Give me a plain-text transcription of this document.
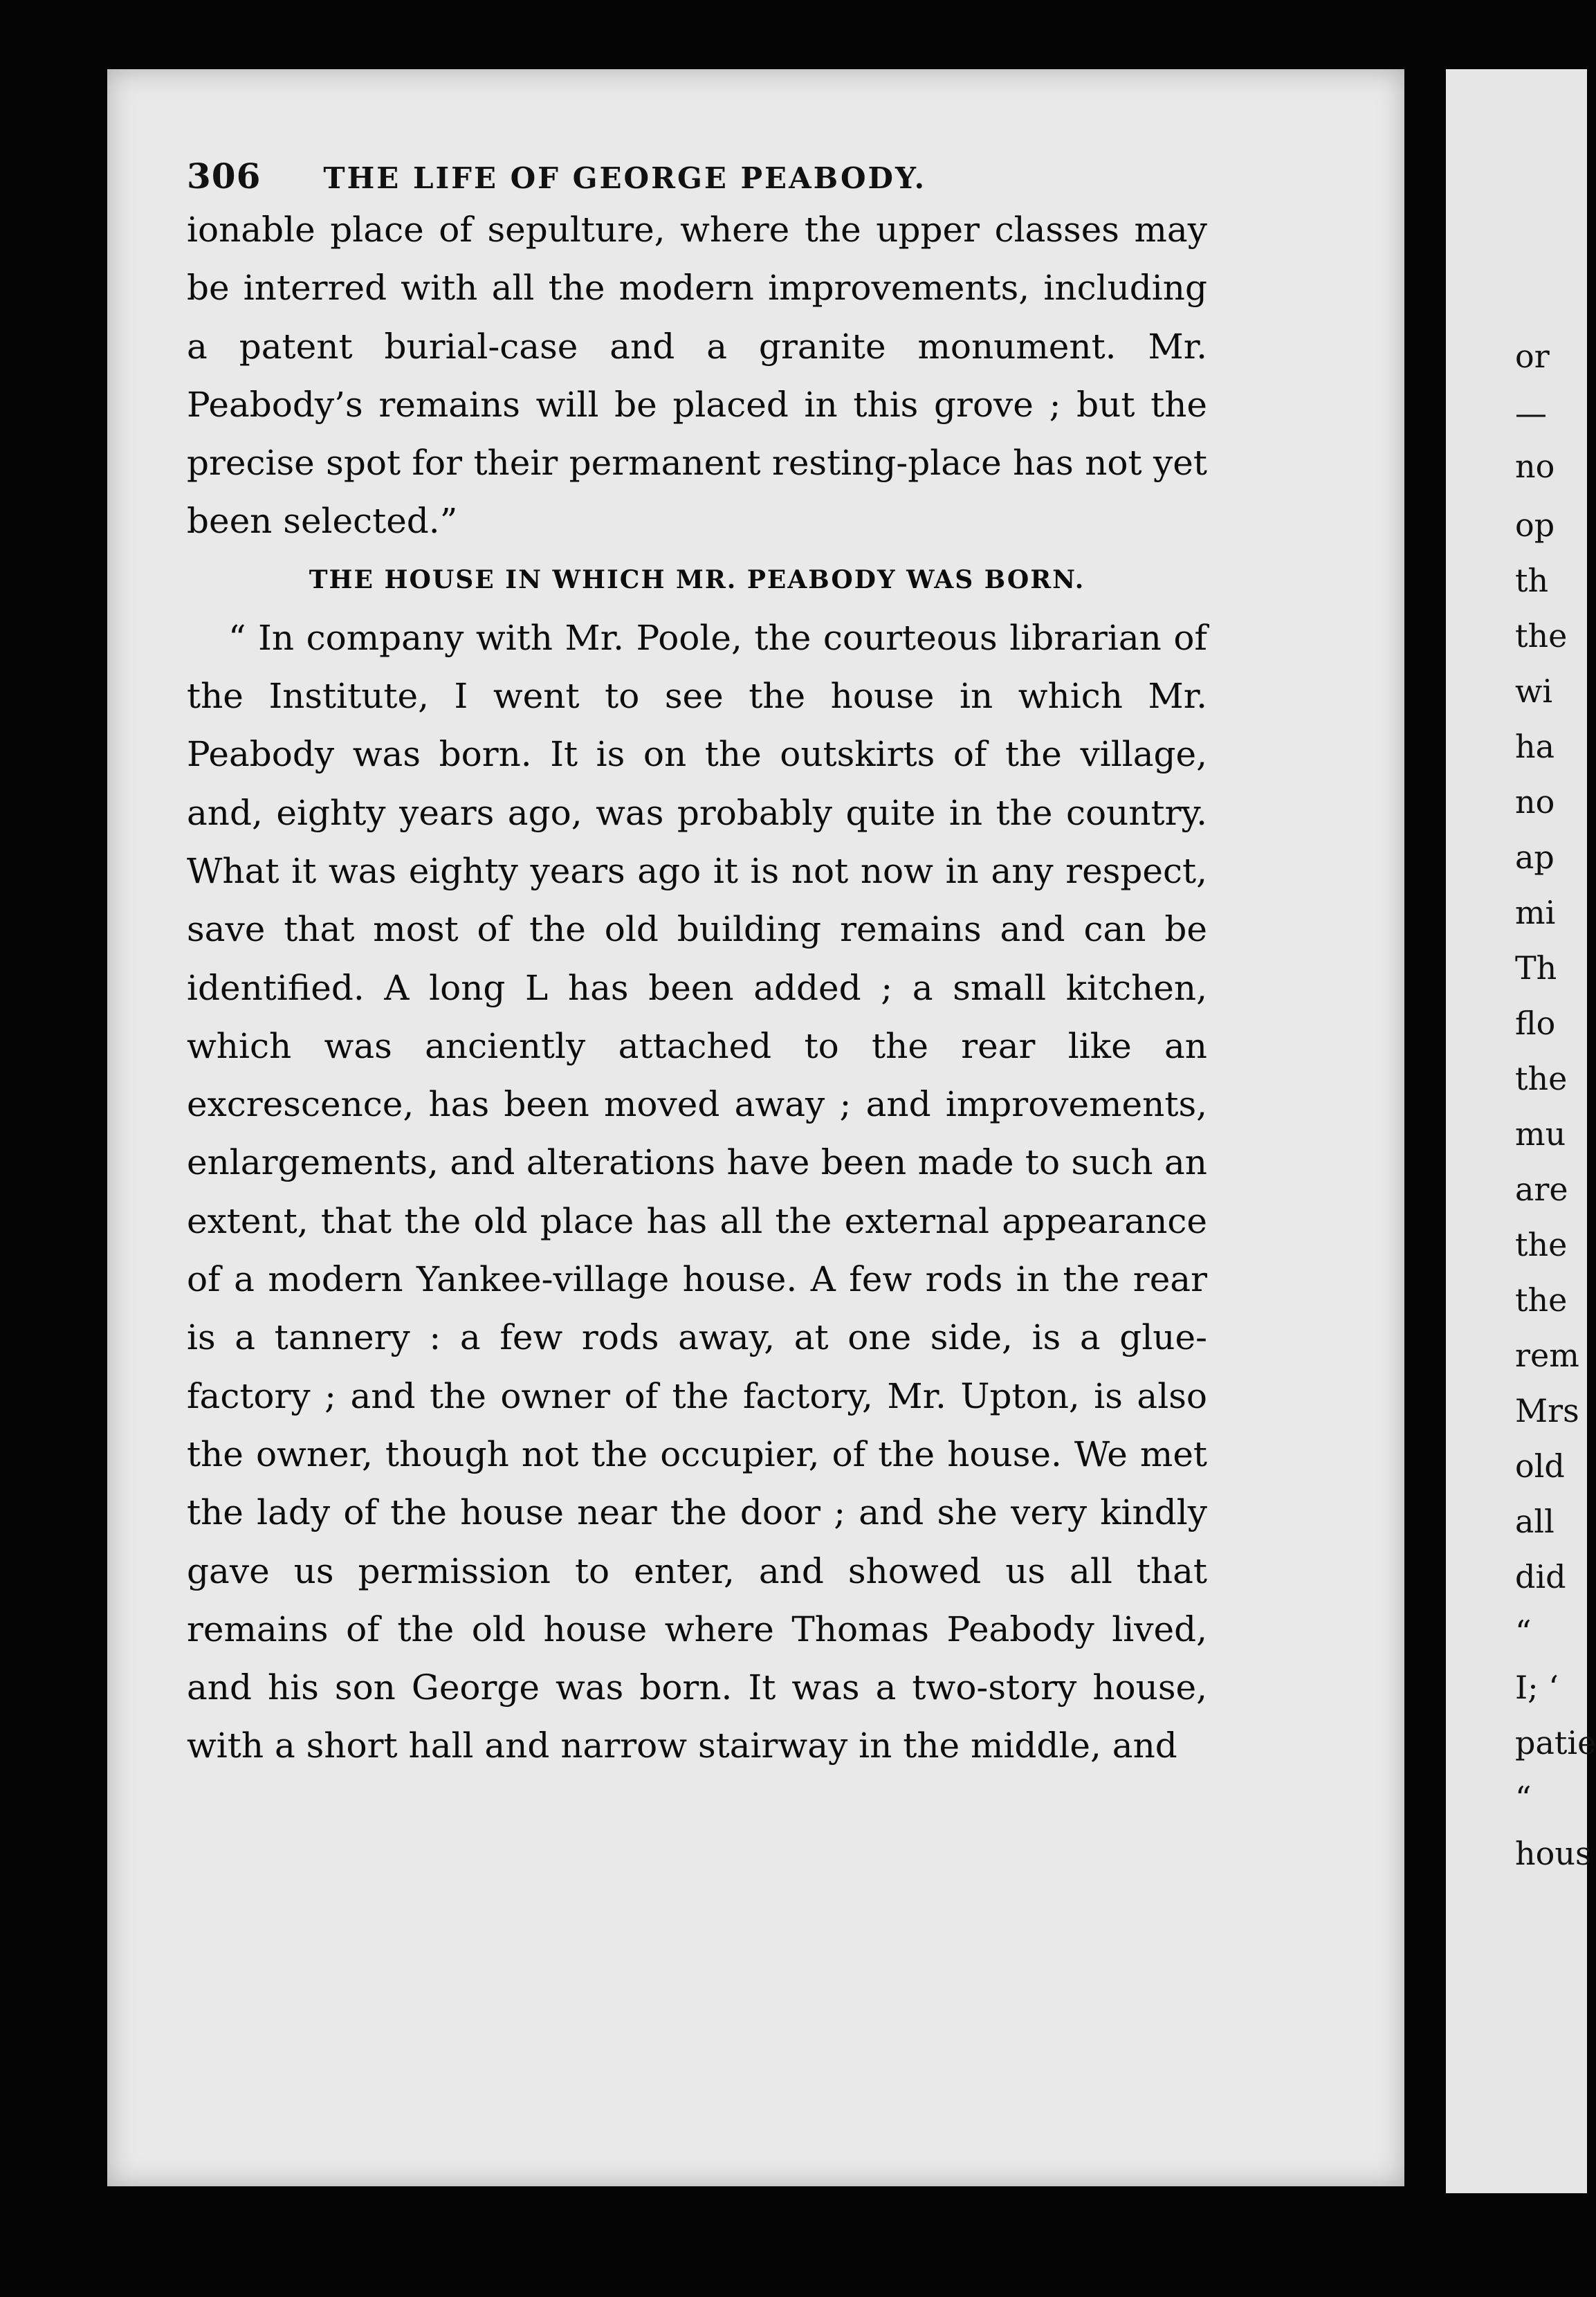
306 THE LIFE OF GEORGE PEABODY.

ionable place of sepulture, where the upper classes may be interred with all the modern improvements, including a patent burial-case and a granite monument. Mr. Peabody’s remains will be placed in this grove ; but the precise spot for their permanent resting-place has not yet been selected.”

THE HOUSE IN WHICH MR. PEABODY WAS BORN.

“ In company with Mr. Poole, the courteous librarian of the Institute, I went to see the house in which Mr. Peabody was born. It is on the outskirts of the village, and, eighty years ago, was probably quite in the country. What it was eighty years ago it is not now in any respect, save that most of the old building remains and can be identified. A long L has been added ; a small kitchen, which was anciently attached to the rear like an excrescence, has been moved away ; and improvements, enlargements, and alterations have been made to such an extent, that the old place has all the external appearance of a modern Yankee-village house. A few rods in the rear is a tannery : a few rods away, at one side, is a glue-factory ; and the owner of the factory, Mr. Upton, is also the owner, though not the occupier, of the house. We met the lady of the house near the door ; and she very kindly gave us permission to enter, and showed us all that remains of the old house where Thomas Peabody lived, and his son George was born. It was a two-story house, with a short hall and narrow stairway in the middle, and

or
—
no
op
th
the
wi
ha
no
ap
mi
Th
flo
the
mu
are
the
the
rem
Mrs
old
all
did
“
I; ‘
patie
“
hous
